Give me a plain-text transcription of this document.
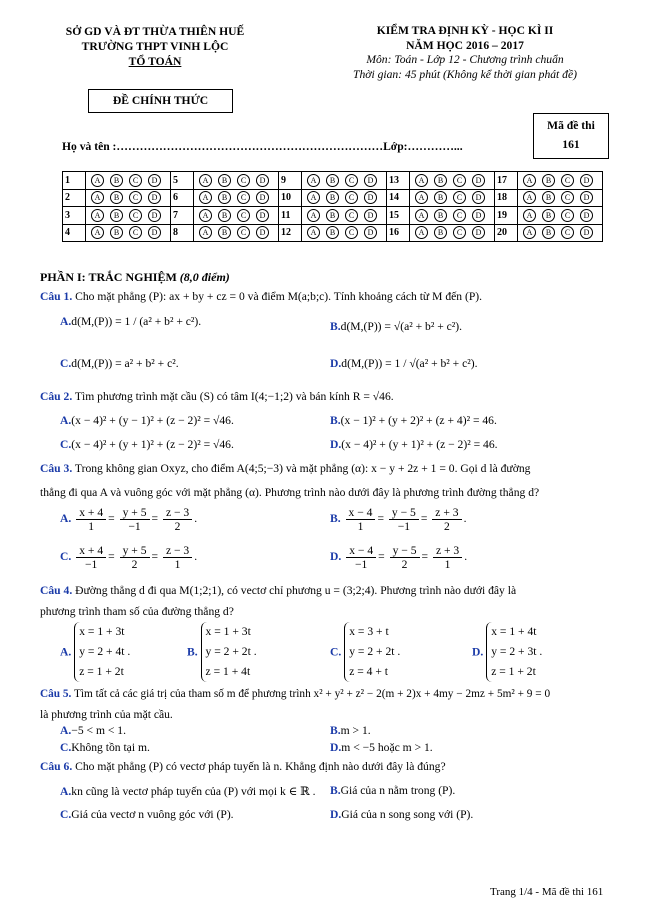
SỞ GD VÀ ĐT THỪA THIÊN HUẾ
TRƯỜNG THPT VINH LỘC
TỔ TOÁN
KIỂM TRA ĐỊNH KỲ - HỌC KÌ II
NĂM HỌC 2016 – 2017
Môn: Toán - Lớp 12 - Chương trình chuẩn
Thời gian: 45 phút (Không kể thời gian phát đề)
ĐỀ CHÍNH THỨC
Mã đề thi
161
Họ và tên :……………………………………………………………Lớp:…………...
1	A B C D	5	A B C D	9	A B C D	13	A B C D	17	A B C D
2	A B C D	6	A B C D	10	A B C D	14	A B C D	18	A B C D
3	A B C D	7	A B C D	11	A B C D	15	A B C D	19	A B C D
4	A B C D	8	A B C D	12	A B C D	16	A B C D	20	A B C D
PHẦN I: TRẮC NGHIỆM (8,0 điểm)
Câu 1. Cho mặt phẳng (P): ax + by + cz = 0 và điểm M(a;b;c). Tính khoảng cách từ M đến (P).
A.d(M,(P)) = 1 / (a² + b² + c²).	B.d(M,(P)) = √(a² + b² + c²).
C.d(M,(P)) = a² + b² + c².	D.d(M,(P)) = 1 / √(a² + b² + c²).
Câu 2. Tìm phương trình mặt cầu (S) có tâm I(4;−1;2) và bán kính R = √46.
A.(x − 4)² + (y − 1)² + (z − 2)² = √46.	B.(x − 1)² + (y + 2)² + (z + 4)² = 46.
C.(x − 4)² + (y + 1)² + (z − 2)² = √46.	D.(x − 4)² + (y + 1)² + (z − 2)² = 46.
Câu 3. Trong không gian Oxyz, cho điểm A(4;5;−3) và mặt phẳng (α): x − y + 2z + 1 = 0. Gọi d là đường
thẳng đi qua A và vuông góc với mặt phẳng (α). Phương trình nào dưới đây là phương trình đường thẳng d?
A. $\frac{x + 4}{1} = \frac{y + 5}{-1} = \frac{z - 3}{2}$ .	B. $\frac{x - 4}{1} = \frac{y - 5}{-1} = \frac{z + 3}{2}$ .
C. $\frac{x + 4}{-1} = \frac{y + 5}{2} = \frac{z - 3}{1}$ .	D. $\frac{x - 4}{-1} = \frac{y - 5}{2} = \frac{z + 3}{1}$ .
Câu 4. Đường thẳng d đi qua M(1;2;1), có vectơ chỉ phương u = (3;2;4). Phương trình nào dưới đây là
phương trình tham số của đường thẳng d?
A.
x = 1 + 3t
y = 2 + 4t .
z = 1 + 2t
B.
x = 1 + 3t
y = 2 + 2t .
z = 1 + 4t
C.
x = 3 + t
y = 2 + 2t .
z = 4 + t
D.
x = 1 + 4t
y = 2 + 3t .
z = 1 + 2t
Câu 5. Tìm tất cả các giá trị của tham số m để phương trình x² + y² + z² − 2(m + 2)x + 4my − 2mz + 5m² + 9 = 0
là phương trình của mặt cầu.
A.−5 < m < 1.	B.m > 1.
C.Không tồn tại m.	D.m < −5 hoặc m > 1.
Câu 6. Cho mặt phẳng (P) có vectơ pháp tuyến là n. Khẳng định nào dưới đây là đúng?
A.kn cũng là vectơ pháp tuyến của (P) với mọi k ∈ ℝ . B.Giá của n nằm trong (P).
C.Giá của vectơ n vuông góc với (P).	D.Giá của n song song với (P).
Trang 1/4 - Mã đề thi 161
